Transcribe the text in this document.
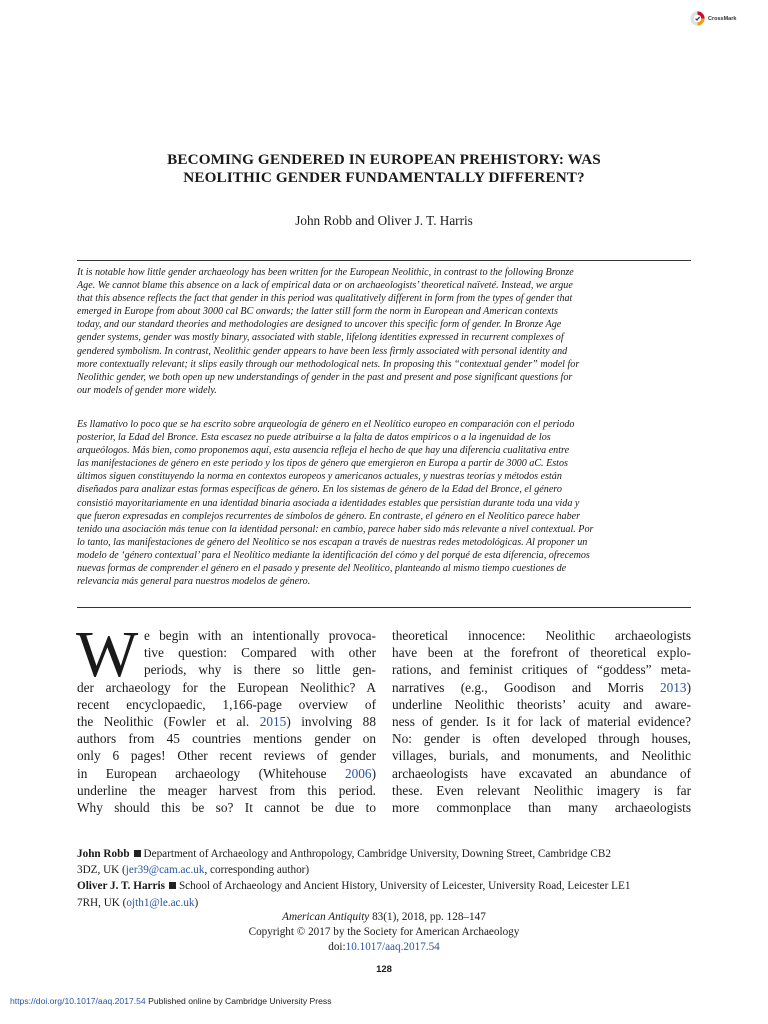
CrossMark
BECOMING GENDERED IN EUROPEAN PREHISTORY: WAS
NEOLITHIC GENDER FUNDAMENTALLY DIFFERENT?
John Robb and Oliver J. T. Harris
It is notable how little gender archaeology has been written for the European Neolithic, in contrast to the following Bronze
Age. We cannot blame this absence on a lack of empirical data or on archaeologists’ theoretical naïveté. Instead, we argue
that this absence reflects the fact that gender in this period was qualitatively different in form from the types of gender that
emerged in Europe from about 3000 cal BC onwards; the latter still form the norm in European and American contexts
today, and our standard theories and methodologies are designed to uncover this specific form of gender. In Bronze Age
gender systems, gender was mostly binary, associated with stable, lifelong identities expressed in recurrent complexes of
gendered symbolism. In contrast, Neolithic gender appears to have been less firmly associated with personal identity and
more contextually relevant; it slips easily through our methodological nets. In proposing this “contextual gender” model for
Neolithic gender, we both open up new understandings of gender in the past and present and pose significant questions for
our models of gender more widely.
Es llamativo lo poco que se ha escrito sobre arqueología de género en el Neolítico europeo en comparación con el periodo
posterior, la Edad del Bronce. Esta escasez no puede atribuirse a la falta de datos empíricos o a la ingenuidad de los
arqueólogos. Más bien, como proponemos aquí, esta ausencia refleja el hecho de que hay una diferencia cualitativa entre
las manifestaciones de género en este periodo y los tipos de género que emergieron en Europa a partir de 3000 aC. Estos
últimos siguen constituyendo la norma en contextos europeos y americanos actuales, y nuestras teorías y métodos están
diseñados para analizar estas formas específicas de género. En los sistemas de género de la Edad del Bronce, el género
consistió mayoritariamente en una identidad binaria asociada a identidades estables que persistían durante toda una vida y
que fueron expresadas en complejos recurrentes de símbolos de género. En contraste, el género en el Neolítico parece haber
tenido una asociación más tenue con la identidad personal: en cambio, parece haber sido más relevante a nivel contextual. Por
lo tanto, las manifestaciones de género del Neolítico se nos escapan a través de nuestras redes metodológicas. Al proponer un
modelo de ‘género contextual’ para el Neolítico mediante la identificación del cómo y del porqué de esta diferencia, ofrecemos
nuevas formas de comprender el género en el pasado y presente del Neolítico, planteando al mismo tiempo cuestiones de
relevancia más general para nuestros modelos de género.
W e begin with an intentionally provoca-
tive question: Compared with other
periods, why is there so little gen-
der archaeology for the European Neolithic? A
recent encyclopaedic, 1,166-page overview of
the Neolithic (Fowler et al. 2015) involving 88
authors from 45 countries mentions gender on
only 6 pages! Other recent reviews of gender
in European archaeology (Whitehouse 2006)
underline the meager harvest from this period.
Why should this be so? It cannot be due to
theoretical innocence: Neolithic archaeologists
have been at the forefront of theoretical explo-
rations, and feminist critiques of “goddess” meta-
narratives (e.g., Goodison and Morris 2013)
underline Neolithic theorists’ acuity and aware-
ness of gender. Is it for lack of material evidence?
No: gender is often developed through houses,
villages, burials, and monuments, and Neolithic
archaeologists have excavated an abundance of
these. Even relevant Neolithic imagery is far
more commonplace than many archaeologists
John Robb Department of Archaeology and Anthropology, Cambridge University, Downing Street, Cambridge CB2
3DZ, UK (jer39@cam.ac.uk, corresponding author)
Oliver J. T. Harris School of Archaeology and Ancient History, University of Leicester, University Road, Leicester LE1
7RH, UK (ojth1@le.ac.uk)
American Antiquity 83(1), 2018, pp. 128–147
Copyright © 2017 by the Society for American Archaeology
doi:10.1017/aaq.2017.54
128
https://doi.org/10.1017/aaq.2017.54 Published online by Cambridge University Press
